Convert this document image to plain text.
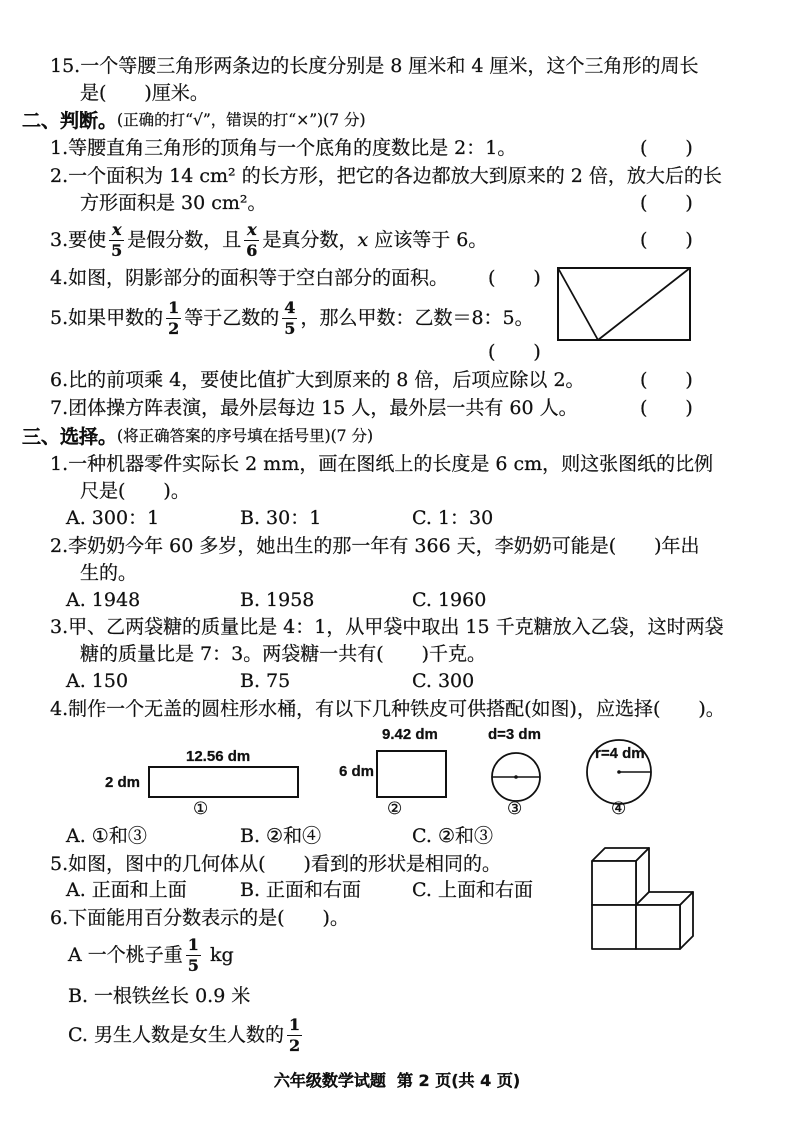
15.一个等腰三角形两条边的长度分别是 8 厘米和 4 厘米，这个三角形的周长
是(　　)厘米。
二、判断。 (正确的打“√”，错误的打“×”)(7 分)
1.等腰直角三角形的顶角与一个底角的度数比是 2：1。	(　　)
2.一个面积为 14 cm² 的长方形，把它的各边都放大到原来的 2 倍，放大后的长
方形面积是 30 cm²。	(　　)
3.要使 $\frac{x}{5}$ 是假分数，且 $\frac{x}{6}$ 是真分数， x 应该等于 6。	(　　)
4.如图，阴影部分的面积等于空白部分的面积。 (　　)
5.如果甲数的 $\frac{1}{2}$ 等于乙数的 $\frac{4}{5}$ ，那么甲数：乙数＝8：5。
(　　)
6.比的前项乘 4，要使比值扩大到原来的 8 倍，后项应除以 2。	(　　)
7.团体操方阵表演，最外层每边 15 人，最外层一共有 60 人。	(　　)
三、选择。 (将正确答案的序号填在括号里)(7 分)
1.一种机器零件实际长 2 mm，画在图纸上的长度是 6 cm，则这张图纸的比例
尺是(　　)。
A. 300：1	B. 30：1	C. 1：30
2.李奶奶今年 60 多岁，她出生的那一年有 366 天，李奶奶可能是(　　)年出
生的。
A. 1948	B. 1958	C. 1960
3.甲、乙两袋糖的质量比是 4：1，从甲袋中取出 15 千克糖放入乙袋，这时两袋
糖的质量比是 7：3。两袋糖一共有(　　)千克。
A. 150	B. 75	C. 300
4.制作一个无盖的圆柱形水桶，有以下几种铁皮可供搭配(如图)，应选择(　　)。
12.56 dm
2 dm
①
9.42 dm
6 dm
②
d=3 dm
③
r=4 dm
④
A. ①和③	B. ②和④	C. ②和③
5.如图，图中的几何体从(　　)看到的形状是相同的。
A. 正面和上面	B. 正面和右面	C. 上面和右面
6.下面能用百分数表示的是(　　)。
A 一个桃子重 $\frac{1}{5}$ kg
B. 一根铁丝长 0.9 米
C. 男生人数是女生人数的 $\frac{1}{2}$
六年级数学试题  第 2 页(共 4 页)
